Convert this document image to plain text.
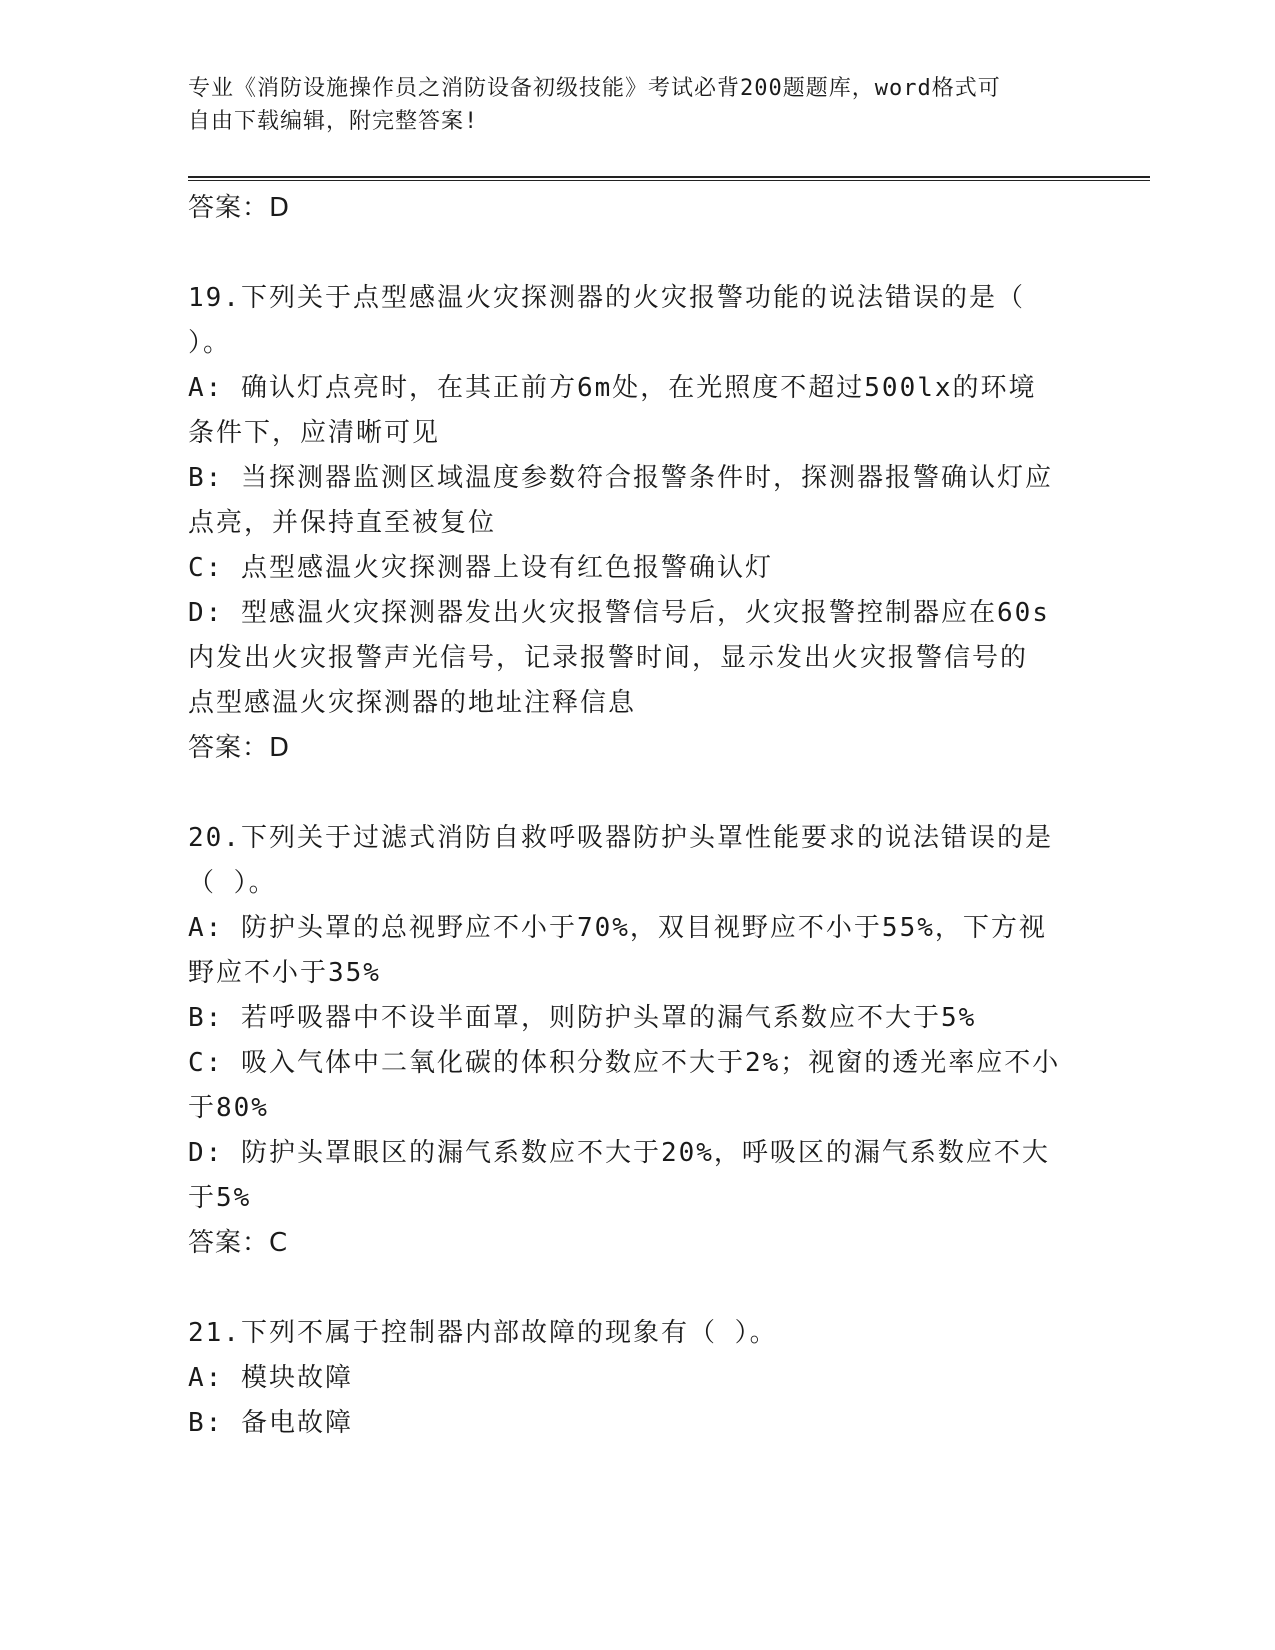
专业《消防设施操作员之消防设备初级技能》考试必背200题题库，word格式可
自由下载编辑，附完整答案!
答案：D
19.下列关于点型感温火灾探测器的火灾报警功能的说法错误的是（
）。
A: 确认灯点亮时，在其正前方6m处，在光照度不超过500lx的环境
条件下，应清晰可见
B: 当探测器监测区域温度参数符合报警条件时，探测器报警确认灯应
点亮，并保持直至被复位
C: 点型感温火灾探测器上设有红色报警确认灯
D: 型感温火灾探测器发出火灾报警信号后，火灾报警控制器应在60s
内发出火灾报警声光信号，记录报警时间，显示发出火灾报警信号的
点型感温火灾探测器的地址注释信息
答案：D
20.下列关于过滤式消防自救呼吸器防护头罩性能要求的说法错误的是
（ ）。
A: 防护头罩的总视野应不小于70%，双目视野应不小于55%，下方视
野应不小于35%
B: 若呼吸器中不设半面罩，则防护头罩的漏气系数应不大于5%
C: 吸入气体中二氧化碳的体积分数应不大于2%；视窗的透光率应不小
于80%
D: 防护头罩眼区的漏气系数应不大于20%，呼吸区的漏气系数应不大
于5%
答案：C
21.下列不属于控制器内部故障的现象有（ ）。
A: 模块故障
B: 备电故障
